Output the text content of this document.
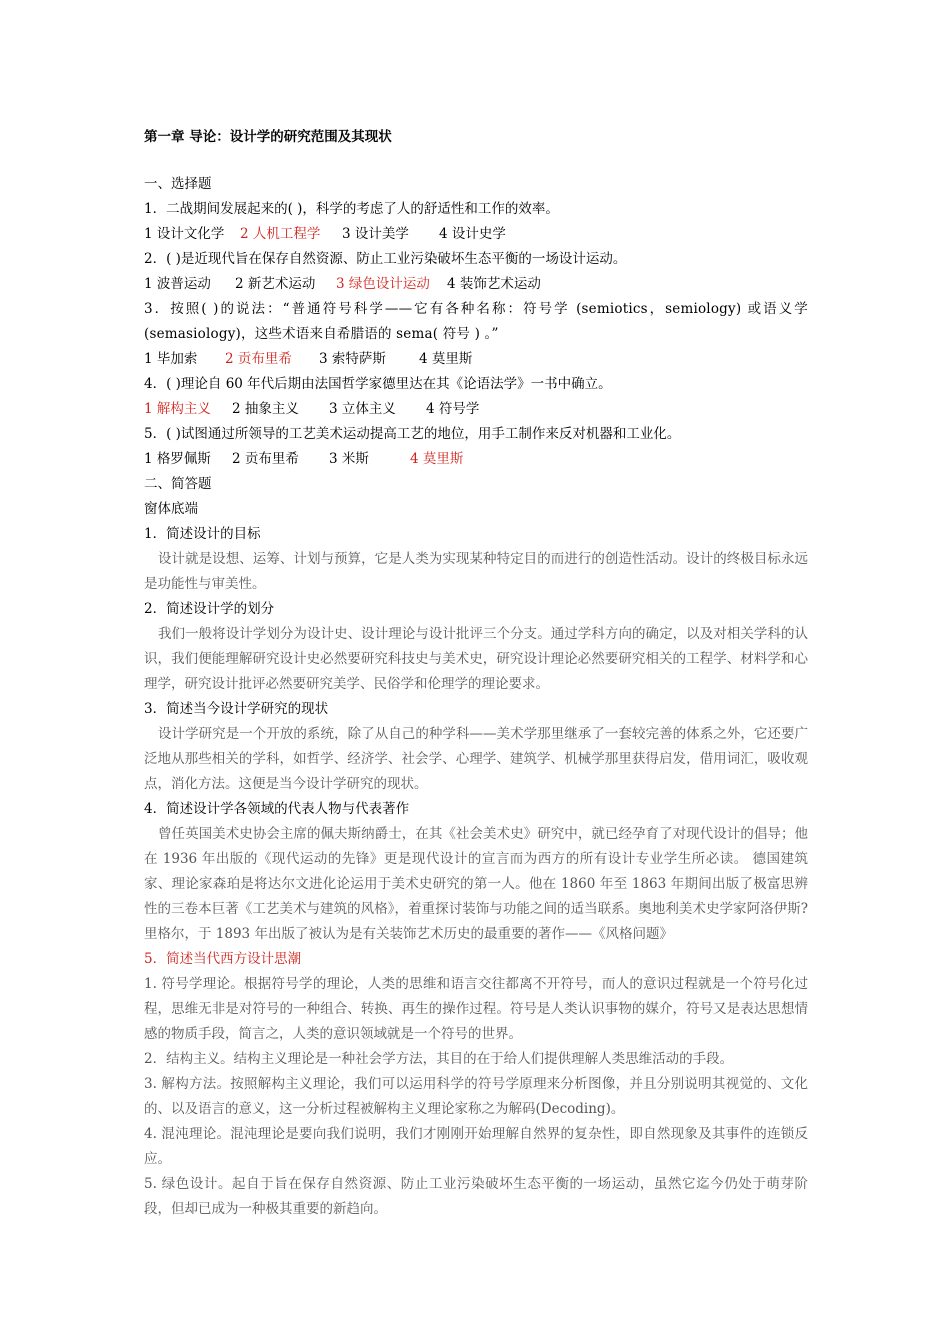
第一章 导论：设计学的研究范围及其现状
一、选择题
1．二战期间发展起来的( )，科学的考虑了人的舒适性和工作的效率。
1 设计文化学 2 人机工程学 3 设计美学 4 设计史学
2．( )是近现代旨在保存自然资源、防止工业污染破坏生态平衡的一场设计运动。
1 波普运动 2 新艺术运动 3 绿色设计运动 4 装饰艺术运动
3．按照( )的说法：“普通符号科学——它有各种名称：符号学 (semiotics，semiology) 或语义学(semasiology)，这些术语来自希腊语的 sema( 符号 ) 。”
1 毕加索 2 贡布里希 3 索特萨斯 4 莫里斯
4．( )理论自 60 年代后期由法国哲学家德里达在其《论语法学》一书中确立。
1 解构主义 2 抽象主义 3 立体主义 4 符号学
5．( )试图通过所领导的工艺美术运动提高工艺的地位，用手工制作来反对机器和工业化。
1 格罗佩斯 2 贡布里希 3 米斯	4 莫里斯
二、简答题
窗体底端
1．简述设计的目标
设计就是设想、运筹、计划与预算，它是人类为实现某种特定目的而进行的创造性活动。设计的终极目标永远是功能性与审美性。
2．简述设计学的划分
我们一般将设计学划分为设计史、设计理论与设计批评三个分支。通过学科方向的确定，以及对相关学科的认识，我们便能理解研究设计史必然要研究科技史与美术史，研究设计理论必然要研究相关的工程学、材料学和心理学，研究设计批评必然要研究美学、民俗学和伦理学的理论要求。
3．简述当今设计学研究的现状
设计学研究是一个开放的系统，除了从自己的种学科——美术学那里继承了一套较完善的体系之外，它还要广泛地从那些相关的学科，如哲学、经济学、社会学、心理学、建筑学、机械学那里获得启发，借用词汇，吸收观点，消化方法。这便是当今设计学研究的现状。
4．简述设计学各领域的代表人物与代表著作
曾任英国美术史协会主席的佩夫斯纳爵士，在其《社会美术史》研究中，就已经孕育了对现代设计的倡导；他在 1936 年出版的《现代运动的先锋》更是现代设计的宣言而为西方的所有设计专业学生所必读。 德国建筑家、理论家森珀是将达尔文进化论运用于美术史研究的第一人。他在 1860 年至 1863 年期间出版了极富思辨性的三卷本巨著《工艺美术与建筑的风格》，着重探讨装饰与功能之间的适当联系。奥地利美术史学家阿洛伊斯?里格尔，于 1893 年出版了被认为是有关装饰艺术历史的最重要的著作——《风格问题》
5．简述当代西方设计思潮
1. 符号学理论。根据符号学的理论，人类的思维和语言交往都离不开符号，而人的意识过程就是一个符号化过程，思维无非是对符号的一种组合、转换、再生的操作过程。符号是人类认识事物的媒介，符号又是表达思想情感的物质手段，简言之，人类的意识领域就是一个符号的世界。
2．结构主义。结构主义理论是一种社会学方法，其目的在于给人们提供理解人类思维活动的手段。
3. 解构方法。按照解构主义理论，我们可以运用科学的符号学原理来分析图像，并且分别说明其视觉的、文化的、以及语言的意义，这一分析过程被解构主义理论家称之为解码(Decoding)。
4. 混沌理论。混沌理论是要向我们说明，我们才刚刚开始理解自然界的复杂性，即自然现象及其事件的连锁反应。
5. 绿色设计。起自于旨在保存自然资源、防止工业污染破坏生态平衡的一场运动，虽然它迄今仍处于萌芽阶段，但却已成为一种极其重要的新趋向。
